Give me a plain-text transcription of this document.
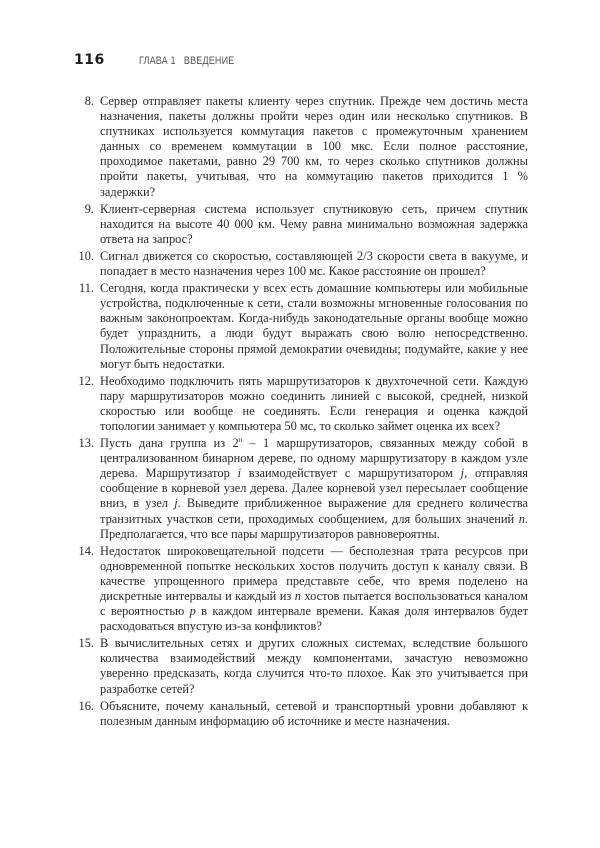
116	ГЛАВА 1 ВВЕДЕНИЕ
8. Сервер отправляет пакеты клиенту через спутник. Прежде чем достичь места назначения, пакеты должны пройти через один или несколько спутников. В спутниках используется коммутация пакетов с промежуточным хранением данных со временем коммутации в 100 мкс. Если полное расстояние, проходимое пакетами, равно 29 700 км, то через сколько спутников должны пройти пакеты, учитывая, что на коммутацию пакетов приходится 1 % задержки?
9. Клиент-серверная система использует спутниковую сеть, причем спутник находится на высоте 40 000 км. Чему равна минимально возможная задержка ответа на запрос?
10. Сигнал движется со скоростью, составляющей 2/3 скорости света в вакууме, и попадает в место назначения через 100 мс. Какое расстояние он прошел?
11. Сегодня, когда практически у всех есть домашние компьютеры или мобильные устройства, подключенные к сети, стали возможны мгновенные голосования по важным законопроектам. Когда-нибудь законодательные органы вообще можно будет упразднить, а люди будут выражать свою волю непосредственно. Положительные стороны прямой демократии очевидны; подумайте, какие у нее могут быть недостатки.
12. Необходимо подключить пять маршрутизаторов к двухточечной сети. Каждую пару маршрутизаторов можно соединить линией с высокой, средней, низкой скоростью или вообще не соединять. Если генерация и оценка каждой топологии занимает у компьютера 50 мс, то сколько займет оценка их всех?
13. Пусть дана группа из 2$^n$ – 1 маршрутизаторов, связанных между собой в централизованном бинарном дереве, по одному маршрутизатору в каждом узле дерева. Маршрутизатор i взаимодействует с маршрутизатором j, отправляя сообщение в корневой узел дерева. Далее корневой узел пересылает сообщение вниз, в узел j. Выведите приближенное выражение для среднего количества транзитных участков сети, проходимых сообщением, для больших значений n. Предполагается, что все пары маршрутизаторов равновероятны.
14. Недостаток широковещательной подсети — бесполезная трата ресурсов при одновременной попытке нескольких хостов получить доступ к каналу связи. В качестве упрощенного примера представьте себе, что время поделено на дискретные интервалы и каждый из n хостов пытается воспользоваться каналом с вероятностью p в каждом интервале времени. Какая доля интервалов будет расходоваться впустую из-за конфликтов?
15. В вычислительных сетях и других сложных системах, вследствие большого количества взаимодействий между компонентами, зачастую невозможно уверенно предсказать, когда случится что-то плохое. Как это учитывается при разработке сетей?
16. Объясните, почему канальный, сетевой и транспортный уровни добавляют к полезным данным информацию об источнике и месте назначения.
